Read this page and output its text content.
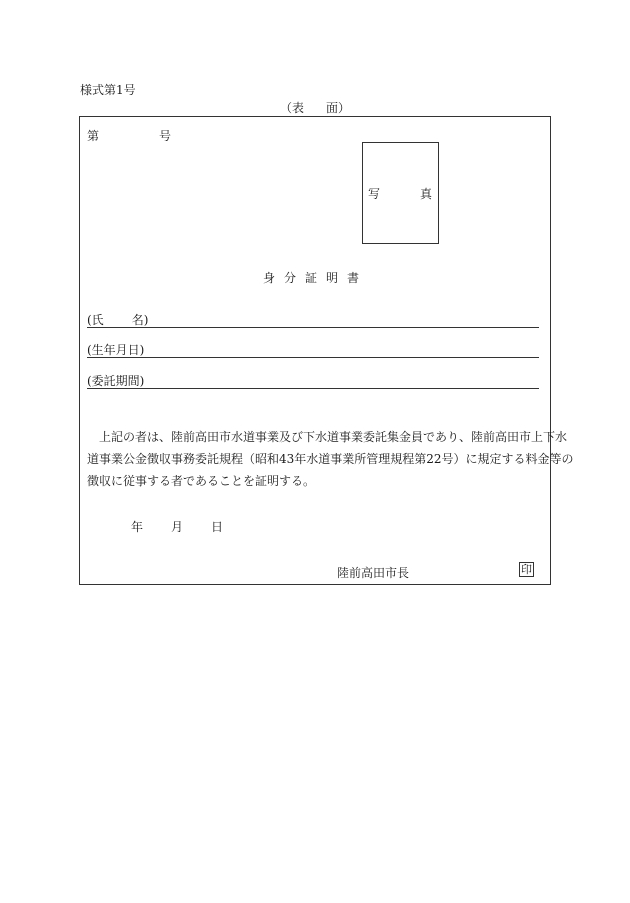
様式第1号
（表 面）
第	号
写	真
身分証明書
(氏 名)
(生年月日)
(委託期間)
　上記の者は、陸前高田市水道事業及び下水道事業委託集金員であり、陸前高田市上下水
道事業公金徴収事務委託規程（昭和43年水道事業所管理規程第22号）に規定する料金等の
徴収に従事する者であることを証明する。
年 月 日
陸前高田市長	印
